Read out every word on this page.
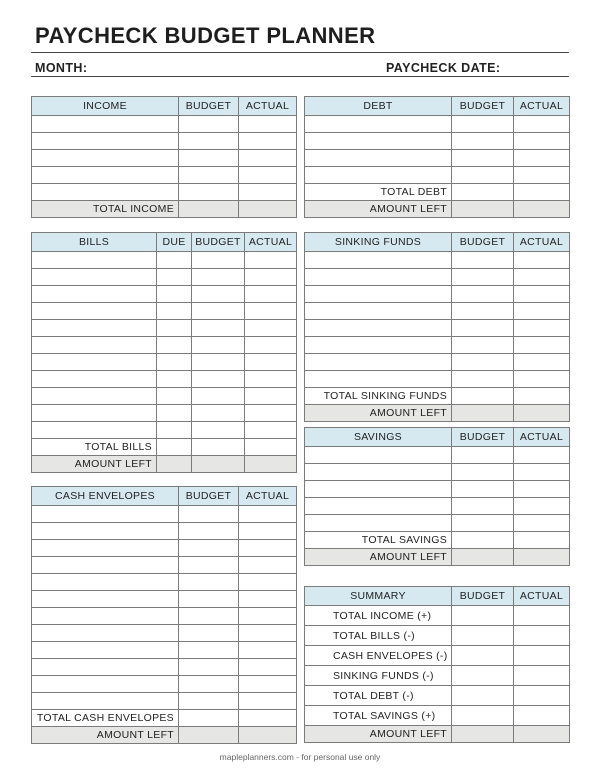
PAYCHECK BUDGET PLANNER
MONTH:	PAYCHECK DATE:
INCOME	BUDGET	ACTUAL

TOTAL INCOME		
BILLS	DUE	BUDGET	ACTUAL

TOTAL BILLS			
AMOUNT LEFT			
CASH ENVELOPES	BUDGET	ACTUAL

TOTAL CASH ENVELOPES		
AMOUNT LEFT		
DEBT	BUDGET	ACTUAL

TOTAL DEBT		
AMOUNT LEFT		
SINKING FUNDS	BUDGET	ACTUAL

TOTAL SINKING FUNDS		
AMOUNT LEFT		
SAVINGS	BUDGET	ACTUAL

TOTAL SAVINGS		
AMOUNT LEFT		
SUMMARY	BUDGET	ACTUAL
TOTAL INCOME (+)		
TOTAL BILLS (-)		
CASH ENVELOPES (-)		
SINKING FUNDS (-)		
TOTAL DEBT (-)		
TOTAL SAVINGS (+)		
AMOUNT LEFT		
mapleplanners.com - for personal use only
